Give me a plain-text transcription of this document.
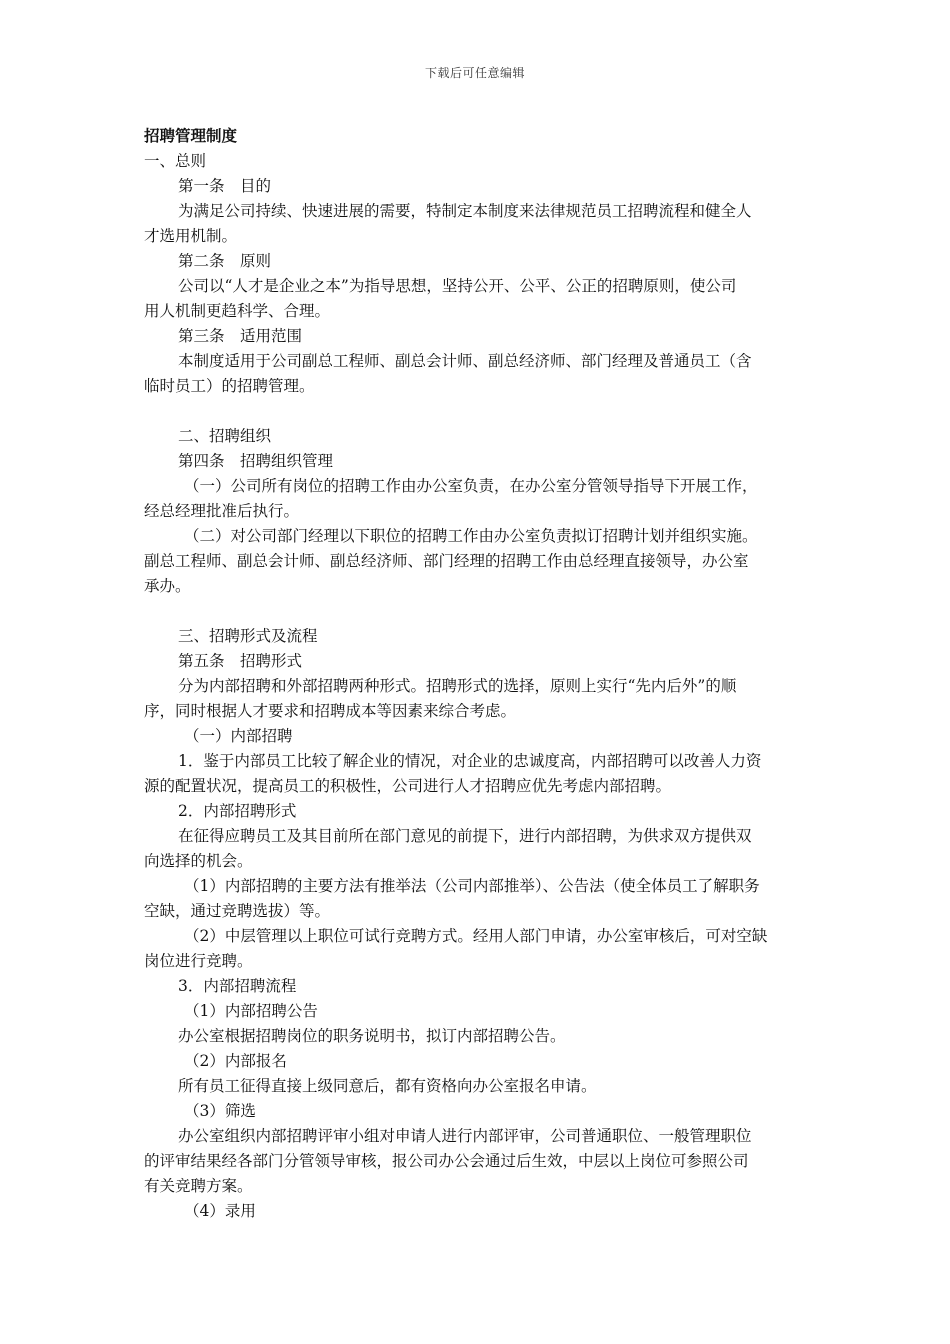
下载后可任意编辑
招聘管理制度
一、总则
第一条　目的
为满足公司持续、快速进展的需要，特制定本制度来法律规范员工招聘流程和健全人
才选用机制。
第二条　原则
公司以“人才是企业之本”为指导思想，坚持公开、公平、公正的招聘原则，使公司
用人机制更趋科学、合理。
第三条　适用范围
本制度适用于公司副总工程师、副总会计师、副总经济师、部门经理及普通员工（含
临时员工）的招聘管理。
二、招聘组织
第四条　招聘组织管理
（一）公司所有岗位的招聘工作由办公室负责，在办公室分管领导指导下开展工作，
经总经理批准后执行。
（二）对公司部门经理以下职位的招聘工作由办公室负责拟订招聘计划并组织实施。
副总工程师、副总会计师、副总经济师、部门经理的招聘工作由总经理直接领导，办公室
承办。
三、招聘形式及流程
第五条　招聘形式
分为内部招聘和外部招聘两种形式。招聘形式的选择，原则上实行“先内后外”的顺
序，同时根据人才要求和招聘成本等因素来综合考虑。
（一）内部招聘
1．鉴于内部员工比较了解企业的情况，对企业的忠诚度高，内部招聘可以改善人力资
源的配置状况，提高员工的积极性，公司进行人才招聘应优先考虑内部招聘。
2．内部招聘形式
在征得应聘员工及其目前所在部门意见的前提下，进行内部招聘，为供求双方提供双
向选择的机会。
（1）内部招聘的主要方法有推举法（公司内部推举）、公告法（使全体员工了解职务
空缺，通过竞聘选拔）等。
（2）中层管理以上职位可试行竞聘方式。经用人部门申请，办公室审核后，可对空缺
岗位进行竞聘。
3．内部招聘流程
（1）内部招聘公告
办公室根据招聘岗位的职务说明书，拟订内部招聘公告。
（2）内部报名
所有员工征得直接上级同意后，都有资格向办公室报名申请。
（3）筛选
办公室组织内部招聘评审小组对申请人进行内部评审，公司普通职位、一般管理职位
的评审结果经各部门分管领导审核，报公司办公会通过后生效，中层以上岗位可参照公司
有关竞聘方案。
（4）录用
